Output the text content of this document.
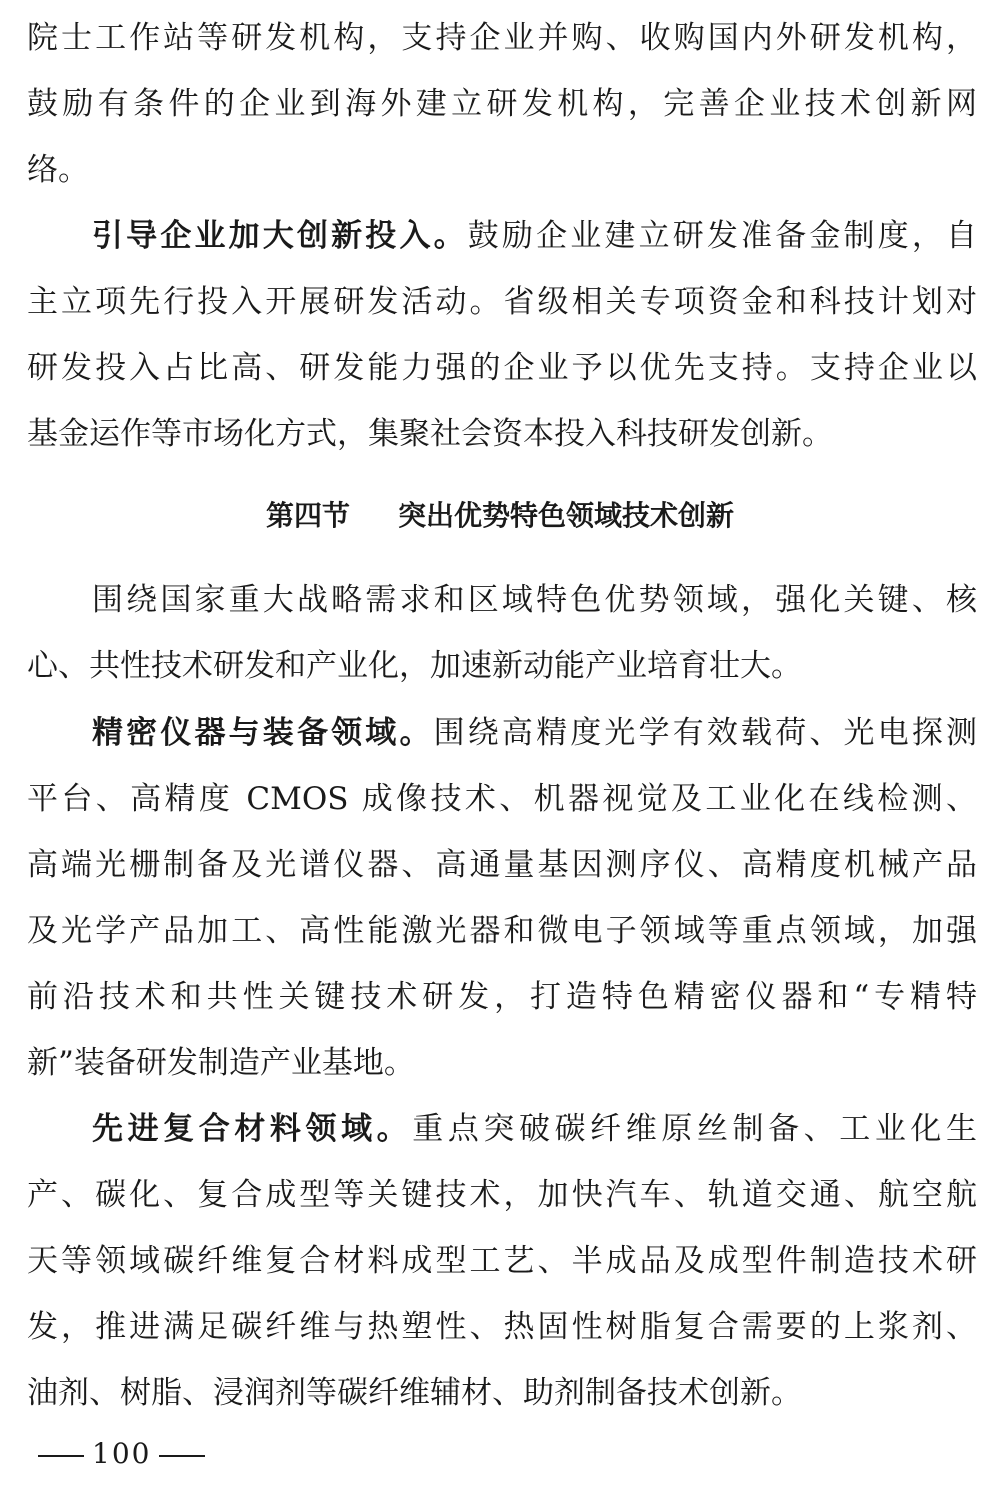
院士工作站等研发机构，支持企业并购、收购国内外研发机构，
鼓励有条件的企业到海外建立研发机构，完善企业技术创新网
络。
引导企业加大创新投入。鼓励企业建立研发准备金制度，自
主立项先行投入开展研发活动。省级相关专项资金和科技计划对
研发投入占比高、研发能力强的企业予以优先支持。支持企业以
基金运作等市场化方式，集聚社会资本投入科技研发创新。
第四节 突出优势特色领域技术创新
围绕国家重大战略需求和区域特色优势领域，强化关键、核
心、共性技术研发和产业化，加速新动能产业培育壮大。
精密仪器与装备领域。围绕高精度光学有效载荷、光电探测
平台、高精度 CMOS 成像技术、机器视觉及工业化在线检测、
高端光栅制备及光谱仪器、高通量基因测序仪、高精度机械产品
及光学产品加工、高性能激光器和微电子领域等重点领域，加强
前沿技术和共性关键技术研发，打造特色精密仪器和“专精特
新”装备研发制造产业基地。
先进复合材料领域。重点突破碳纤维原丝制备、工业化生
产、碳化、复合成型等关键技术，加快汽车、轨道交通、航空航
天等领域碳纤维复合材料成型工艺、半成品及成型件制造技术研
发，推进满足碳纤维与热塑性、热固性树脂复合需要的上浆剂、
油剂、树脂、浸润剂等碳纤维辅材、助剂制备技术创新。
100
